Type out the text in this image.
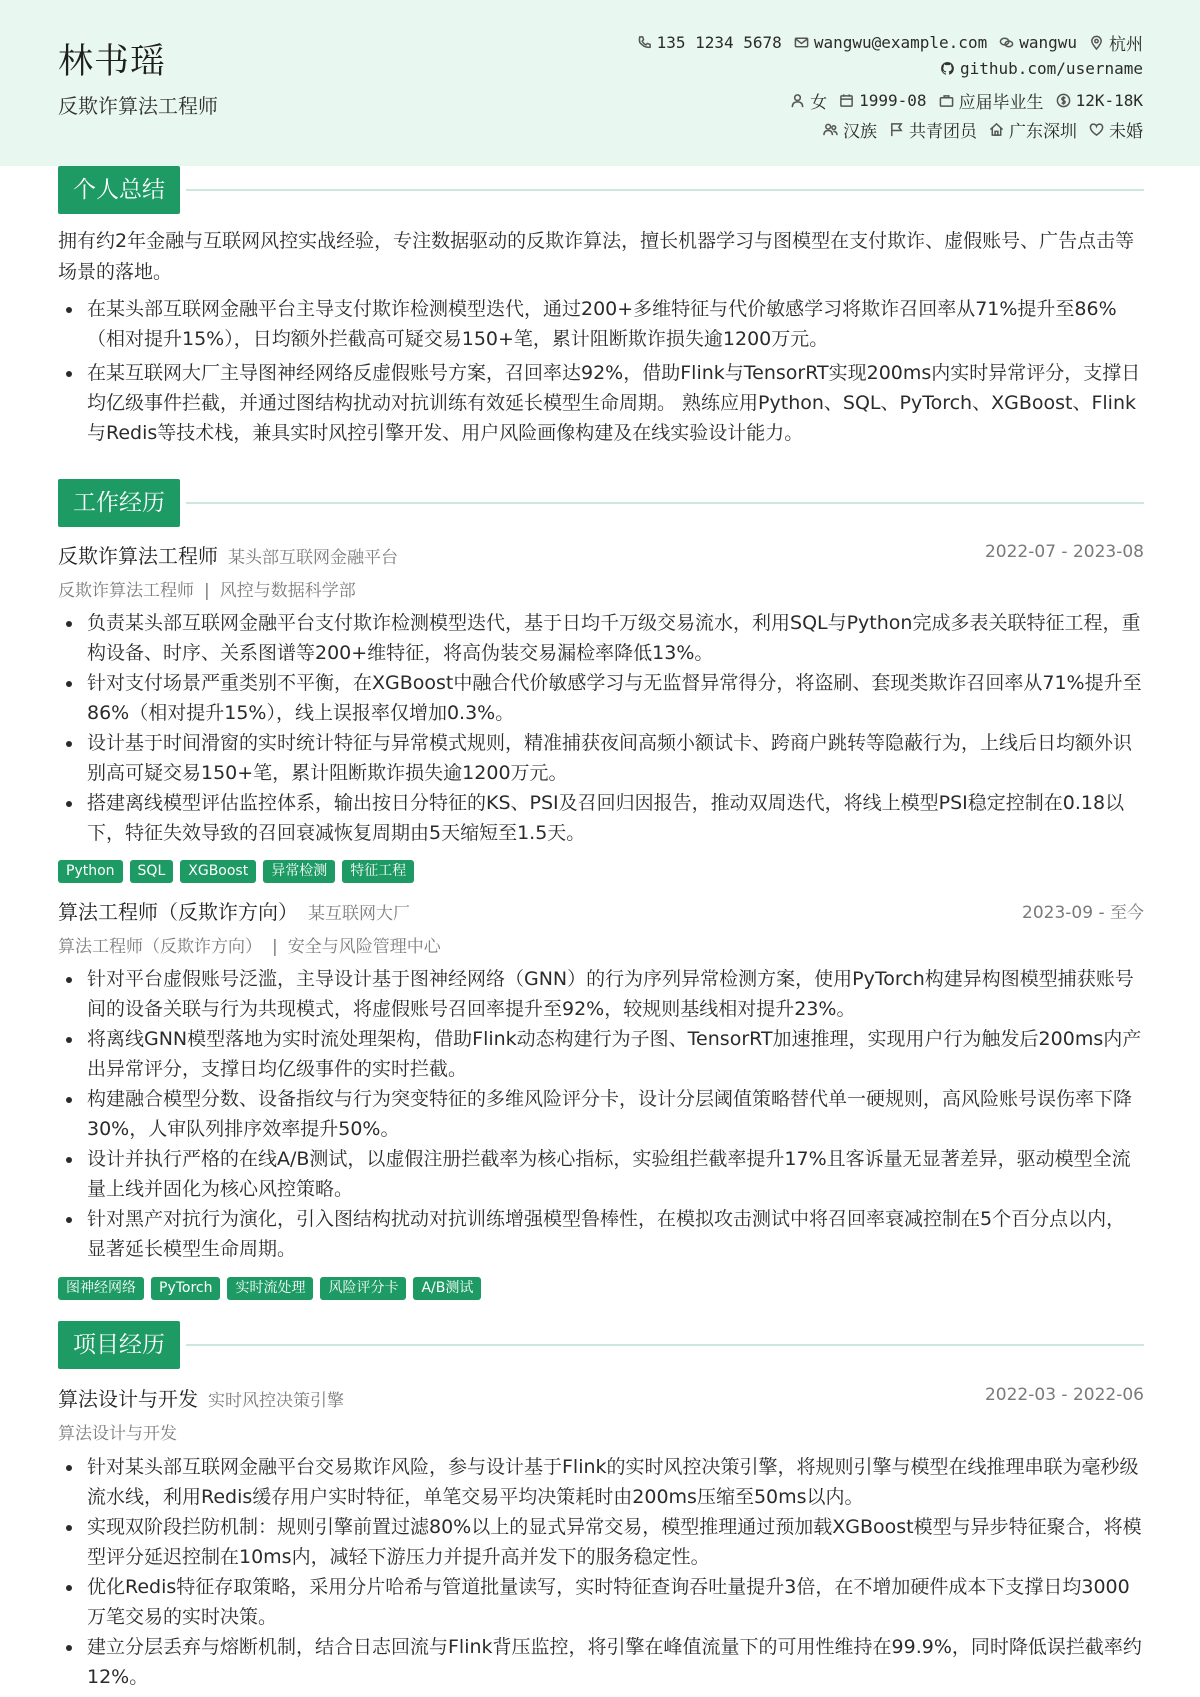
林书瑶
反欺诈算法工程师
135 1234 5678 wangwu@example.com wangwu 杭州
github.com/username
女 1999-08 应届毕业生 12K-18K
汉族 共青团员 广东深圳 未婚
个人总结
拥有约2年金融与互联网风控实战经验，专注数据驱动的反欺诈算法，擅长机器学习与图模型在支付欺诈、虚假账号、广告点击等场景的落地。
在某头部互联网金融平台主导支付欺诈检测模型迭代，通过200+多维特征与代价敏感学习将欺诈召回率从71%提升至86%（相对提升15%），日均额外拦截高可疑交易150+笔，累计阻断欺诈损失逾1200万元。
在某互联网大厂主导图神经网络反虚假账号方案，召回率达92%，借助Flink与TensorRT实现200ms内实时异常评分，支撑日均亿级事件拦截，并通过图结构扰动对抗训练有效延长模型生命周期。 熟练应用Python、SQL、PyTorch、XGBoost、Flink与Redis等技术栈，兼具实时风控引擎开发、用户风险画像构建及在线实验设计能力。
工作经历
反欺诈算法工程师 某头部互联网金融平台	2022-07 - 2023-08
反欺诈算法工程师 | 风控与数据科学部
负责某头部互联网金融平台支付欺诈检测模型迭代，基于日均千万级交易流水，利用SQL与Python完成多表关联特征工程，重构设备、时序、关系图谱等200+维特征，将高伪装交易漏检率降低13%。
针对支付场景严重类别不平衡，在XGBoost中融合代价敏感学习与无监督异常得分，将盗刷、套现类欺诈召回率从71%提升至86%（相对提升15%），线上误报率仅增加0.3%。
设计基于时间滑窗的实时统计特征与异常模式规则，精准捕获夜间高频小额试卡、跨商户跳转等隐蔽行为，上线后日均额外识别高可疑交易150+笔，累计阻断欺诈损失逾1200万元。
搭建离线模型评估监控体系，输出按日分特征的KS、PSI及召回归因报告，推动双周迭代，将线上模型PSI稳定控制在0.18以下，特征失效导致的召回衰减恢复周期由5天缩短至1.5天。
Python	SQL	XGBoost	异常检测	特征工程
算法工程师（反欺诈方向） 某互联网大厂	2023-09 - 至今
算法工程师（反欺诈方向） | 安全与风险管理中心
针对平台虚假账号泛滥，主导设计基于图神经网络（GNN）的行为序列异常检测方案，使用PyTorch构建异构图模型捕获账号间的设备关联与行为共现模式，将虚假账号召回率提升至92%，较规则基线相对提升23%。
将离线GNN模型落地为实时流处理架构，借助Flink动态构建行为子图、TensorRT加速推理，实现用户行为触发后200ms内产出异常评分，支撑日均亿级事件的实时拦截。
构建融合模型分数、设备指纹与行为突变特征的多维风险评分卡，设计分层阈值策略替代单一硬规则，高风险账号误伤率下降30%，人审队列排序效率提升50%。
设计并执行严格的在线A/B测试，以虚假注册拦截率为核心指标，实验组拦截率提升17%且客诉量无显著差异，驱动模型全流量上线并固化为核心风控策略。
针对黑产对抗行为演化，引入图结构扰动对抗训练增强模型鲁棒性，在模拟攻击测试中将召回率衰减控制在5个百分点以内，显著延长模型生命周期。
图神经网络	PyTorch	实时流处理	风险评分卡	A/B测试
项目经历
算法设计与开发 实时风控决策引擎	2022-03 - 2022-06
算法设计与开发
针对某头部互联网金融平台交易欺诈风险，参与设计基于Flink的实时风控决策引擎，将规则引擎与模型在线推理串联为毫秒级流水线，利用Redis缓存用户实时特征，单笔交易平均决策耗时由200ms压缩至50ms以内。
实现双阶段拦防机制：规则引擎前置过滤80%以上的显式异常交易，模型推理通过预加载XGBoost模型与异步特征聚合，将模型评分延迟控制在10ms内，减轻下游压力并提升高并发下的服务稳定性。
优化Redis特征存取策略，采用分片哈希与管道批量读写，实时特征查询吞吐量提升3倍，在不增加硬件成本下支撑日均3000万笔交易的实时决策。
建立分层丢弃与熔断机制，结合日志回流与Flink背压监控，将引擎在峰值流量下的可用性维持在99.9%，同时降低误拦截率约12%。
